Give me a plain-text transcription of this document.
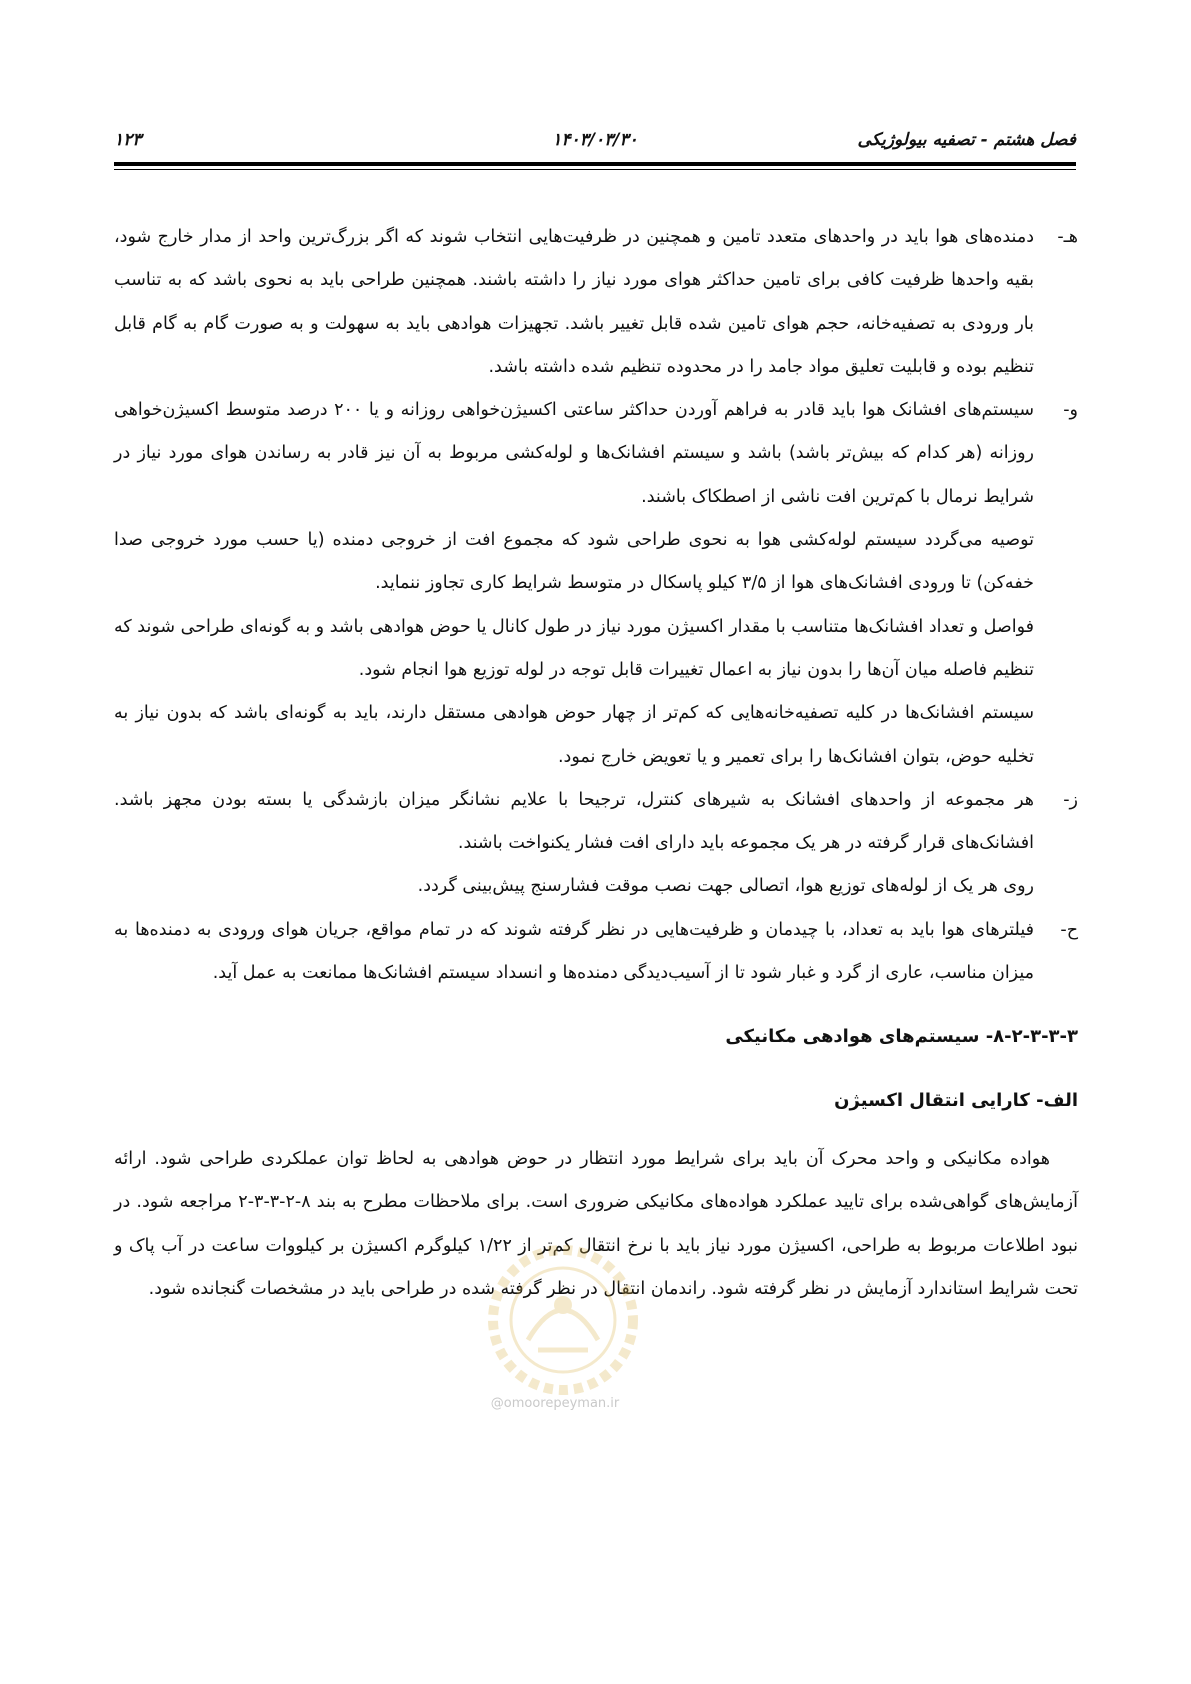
۱۲۳	۱۴۰۳/۰۳/۳۰	فصل هشتم - تصفیه بیولوژیکی
هـ-
دمنده‌های هوا باید در واحدهای متعدد تامین و همچنین در ظرفیت‌هایی انتخاب شوند که اگر بزرگ‌ترین واحد از مدار خارج شود، بقیه واحدها ظرفیت کافی برای تامین حداکثر هوای مورد نیاز را داشته باشند. همچنین طراحی باید به نحوی باشد که به تناسب بار ورودی به تصفیه‌خانه، حجم هوای تامین شده قابل تغییر باشد. تجهیزات هوادهی باید به سهولت و به صورت گام به گام قابل تنظیم بوده و قابلیت تعلیق مواد جامد را در محدوده تنظیم شده داشته باشد.
و-
سیستم‌های افشانک هوا باید قادر به فراهم آوردن حداکثر ساعتی اکسیژن‌خواهی روزانه و یا ۲۰۰ درصد متوسط اکسیژن‌خواهی روزانه (هر کدام که بیش‌تر باشد) باشد و سیستم افشانک‌ها و لوله‌کشی مربوط به آن نیز قادر به رساندن هوای مورد نیاز در شرایط نرمال با کم‌ترین افت ناشی از اصطکاک باشند.
توصیه می‌گردد سیستم لوله‌کشی هوا به نحوی طراحی شود که مجموع افت از خروجی دمنده (یا حسب مورد خروجی صدا خفه‌کن) تا ورودی افشانک‌های هوا از ۳/۵ کیلو پاسکال در متوسط شرایط کاری تجاوز ننماید.
فواصل و تعداد افشانک‌ها متناسب با مقدار اکسیژن مورد نیاز در طول کانال یا حوض هوادهی باشد و به گونه‌ای طراحی شوند که تنظیم فاصله میان آن‌ها را بدون نیاز به اعمال تغییرات قابل توجه در لوله توزیع هوا انجام شود.
سیستم افشانک‌ها در کلیه تصفیه‌خانه‌هایی که کم‌تر از چهار حوض هوادهی مستقل دارند، باید به گونه‌ای باشد که بدون نیاز به تخلیه حوض، بتوان افشانک‌ها را برای تعمیر و یا تعویض خارج نمود.
ز-
هر مجموعه از واحدهای افشانک به شیرهای کنترل، ترجیحا با علایم نشانگر میزان بازشدگی یا بسته بودن مجهز باشد. افشانک‌های قرار گرفته در هر یک مجموعه باید دارای افت فشار یکنواخت باشند.
روی هر یک از لوله‌های توزیع هوا، اتصالی جهت نصب موقت فشارسنج پیش‌بینی گردد.
ح-
فیلترهای هوا باید به تعداد، با چیدمان و ظرفیت‌هایی در نظر گرفته شوند که در تمام مواقع، جریان هوای ورودی به دمنده‌ها به میزان مناسب، عاری از گرد و غبار شود تا از آسیب‌دیدگی دمنده‌ها و انسداد سیستم افشانک‌ها ممانعت به عمل آید.
۸-۲-۳-۳-۳- سیستم‌های هوادهی مکانیکی
الف- کارایی انتقال اکسیژن
هواده مکانیکی و واحد محرک آن باید برای شرایط مورد انتظار در حوض هوادهی به لحاظ توان عملکردی طراحی شود. ارائه آزمایش‌های گواهی‌شده برای تایید عملکرد هواده‌های مکانیکی ضروری است. برای ملاحظات مطرح به بند ۸-۲-۳-۳-۲ مراجعه شود. در نبود اطلاعات مربوط به طراحی، اکسیژن مورد نیاز باید با نرخ انتقال کم‌تر از ۱/۲۲ کیلوگرم اکسیژن بر کیلووات ساعت در آب پاک و تحت شرایط استاندارد آزمایش در نظر گرفته شود. راندمان انتقال در نظر گرفته شده در طراحی باید در مشخصات گنجانده شود.
@omoorepeyman.ir
